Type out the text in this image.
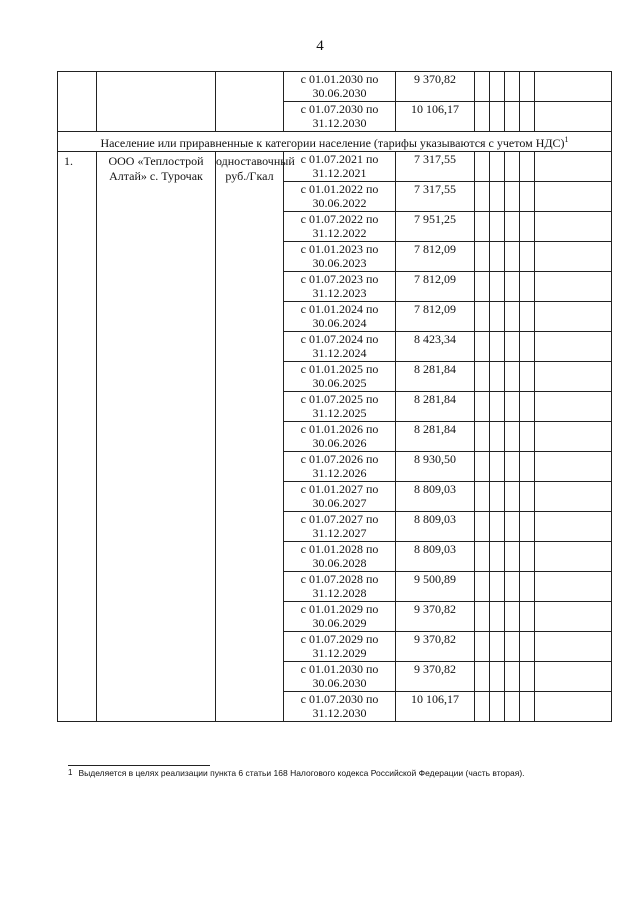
4
			с 01.01.2030 по 30.06.2030	9 370,82					
			с 01.07.2030 по 31.12.2030	10 106,17					
Население или приравненные к категории население (тарифы указываются с учетом НДС)$^1$
1.	ООО «Теплострой Алтай» с. Турочак	одноставочный руб./Гкал	с 01.07.2021 по 31.12.2021	7 317,55					
			с 01.01.2022 по 30.06.2022	7 317,55					
			с 01.07.2022 по 31.12.2022	7 951,25					
			с 01.01.2023 по 30.06.2023	7 812,09					
			с 01.07.2023 по 31.12.2023	7 812,09					
			с 01.01.2024 по 30.06.2024	7 812,09					
			с 01.07.2024 по 31.12.2024	8 423,34					
			с 01.01.2025 по 30.06.2025	8 281,84					
			с 01.07.2025 по 31.12.2025	8 281,84					
			с 01.01.2026 по 30.06.2026	8 281,84					
			с 01.07.2026 по 31.12.2026	8 930,50					
			с 01.01.2027 по 30.06.2027	8 809,03					
			с 01.07.2027 по 31.12.2027	8 809,03					
			с 01.01.2028 по 30.06.2028	8 809,03					
			с 01.07.2028 по 31.12.2028	9 500,89					
			с 01.01.2029 по 30.06.2029	9 370,82					
			с 01.07.2029 по 31.12.2029	9 370,82					
			с 01.01.2030 по 30.06.2030	9 370,82					
			с 01.07.2030 по 31.12.2030	10 106,17					
1 Выделяется в целях реализации пункта 6 статьи 168 Налогового кодекса Российской Федерации (часть вторая).
